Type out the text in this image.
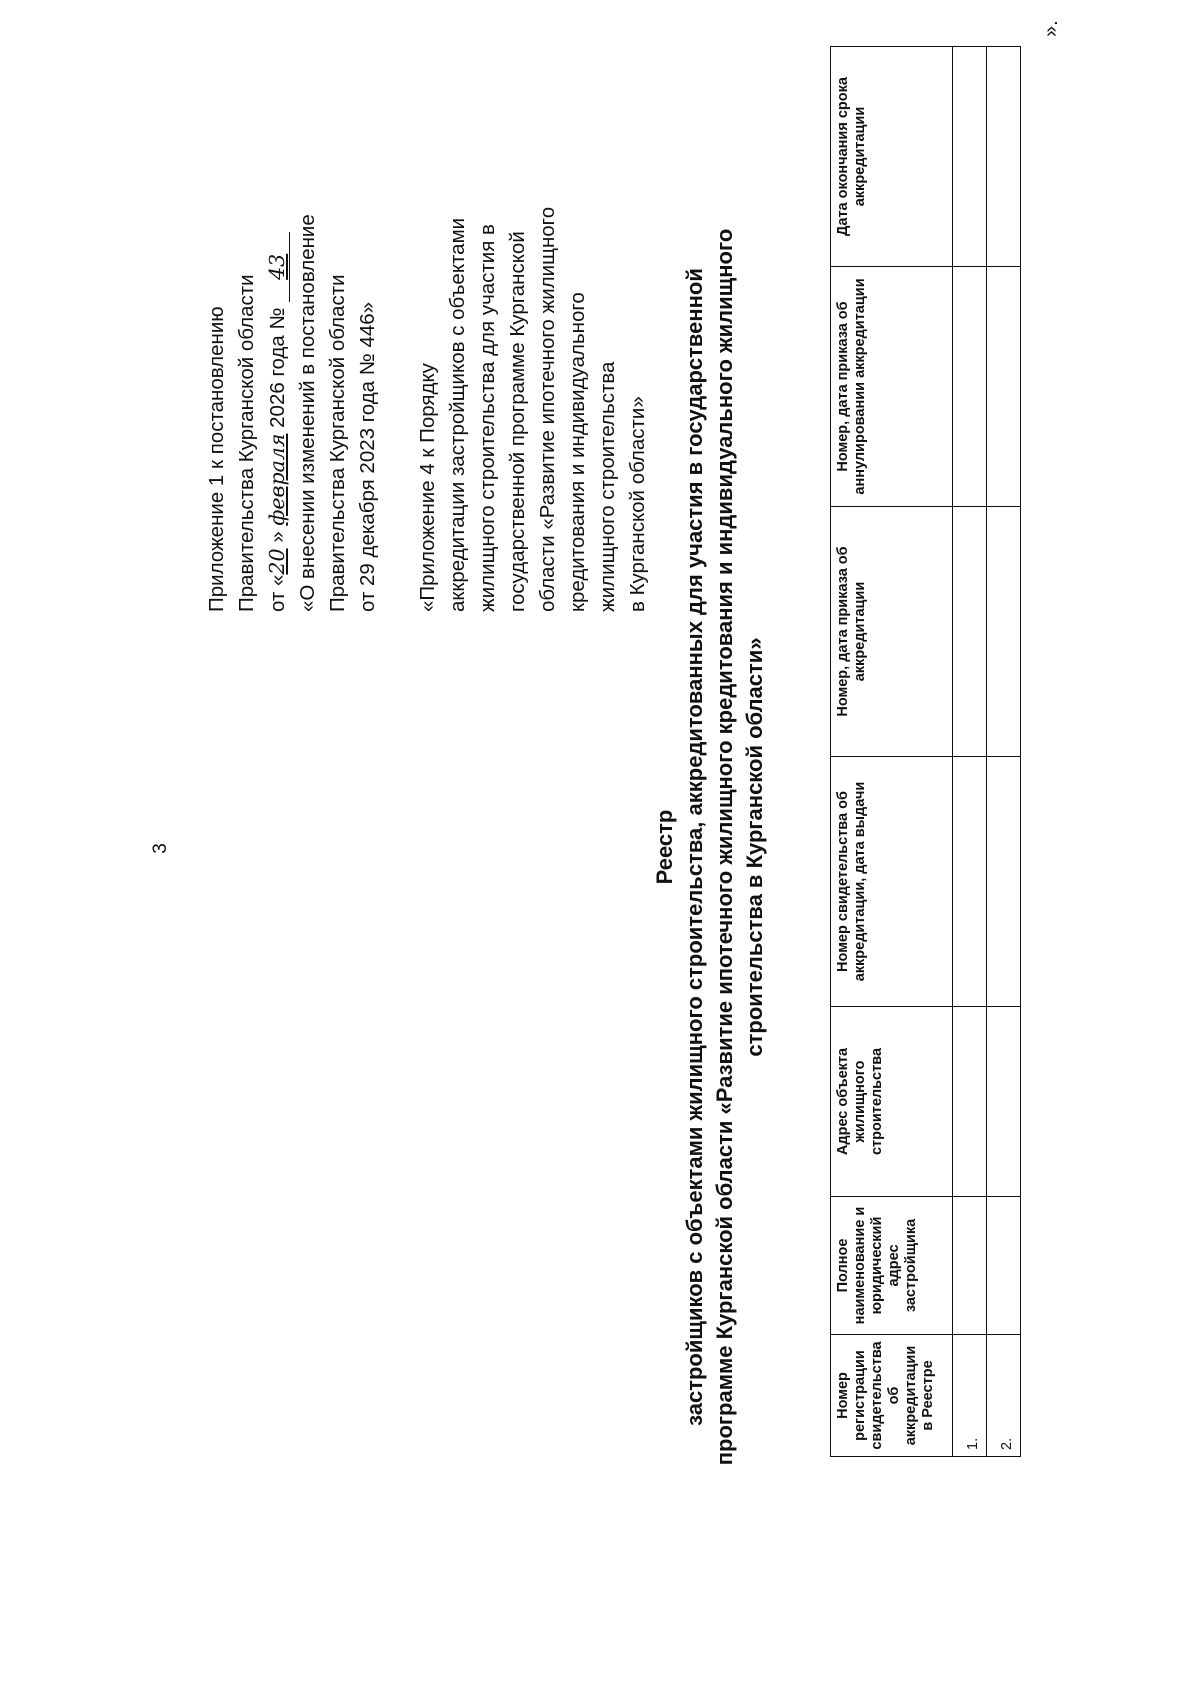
3
Приложение 1 к постановлению Правительства Курганской области от «20 » февраля 2026 года № 43 «О внесении изменений в постановление Правительства Курганской области от 29 декабря 2023 года № 446» «Приложение 4 к Порядку аккредитации застройщиков с объектами жилищного строительства для участия в государственной программе Курганской области «Развитие ипотечного жилищного кредитования и индивидуального жилищного строительства в Курганской области»
Реестр застройщиков с объектами жилищного строительства, аккредитованных для участия в государственной программе Курганской области «Развитие ипотечного жилищного кредитования и индивидуального жилищного строительства в Курганской области»
Номер регистрации свидетельства об аккредитации в Реестре	Полное наименование и юридический адрес застройщика	Адрес объекта жилищного строительства	Номер свидетельства об аккредитации, дата выдачи	Номер, дата приказа об аккредитации	Номер, дата приказа об аннулировании аккредитации	Дата окончания срока аккредитации
1.						
2.						
».
